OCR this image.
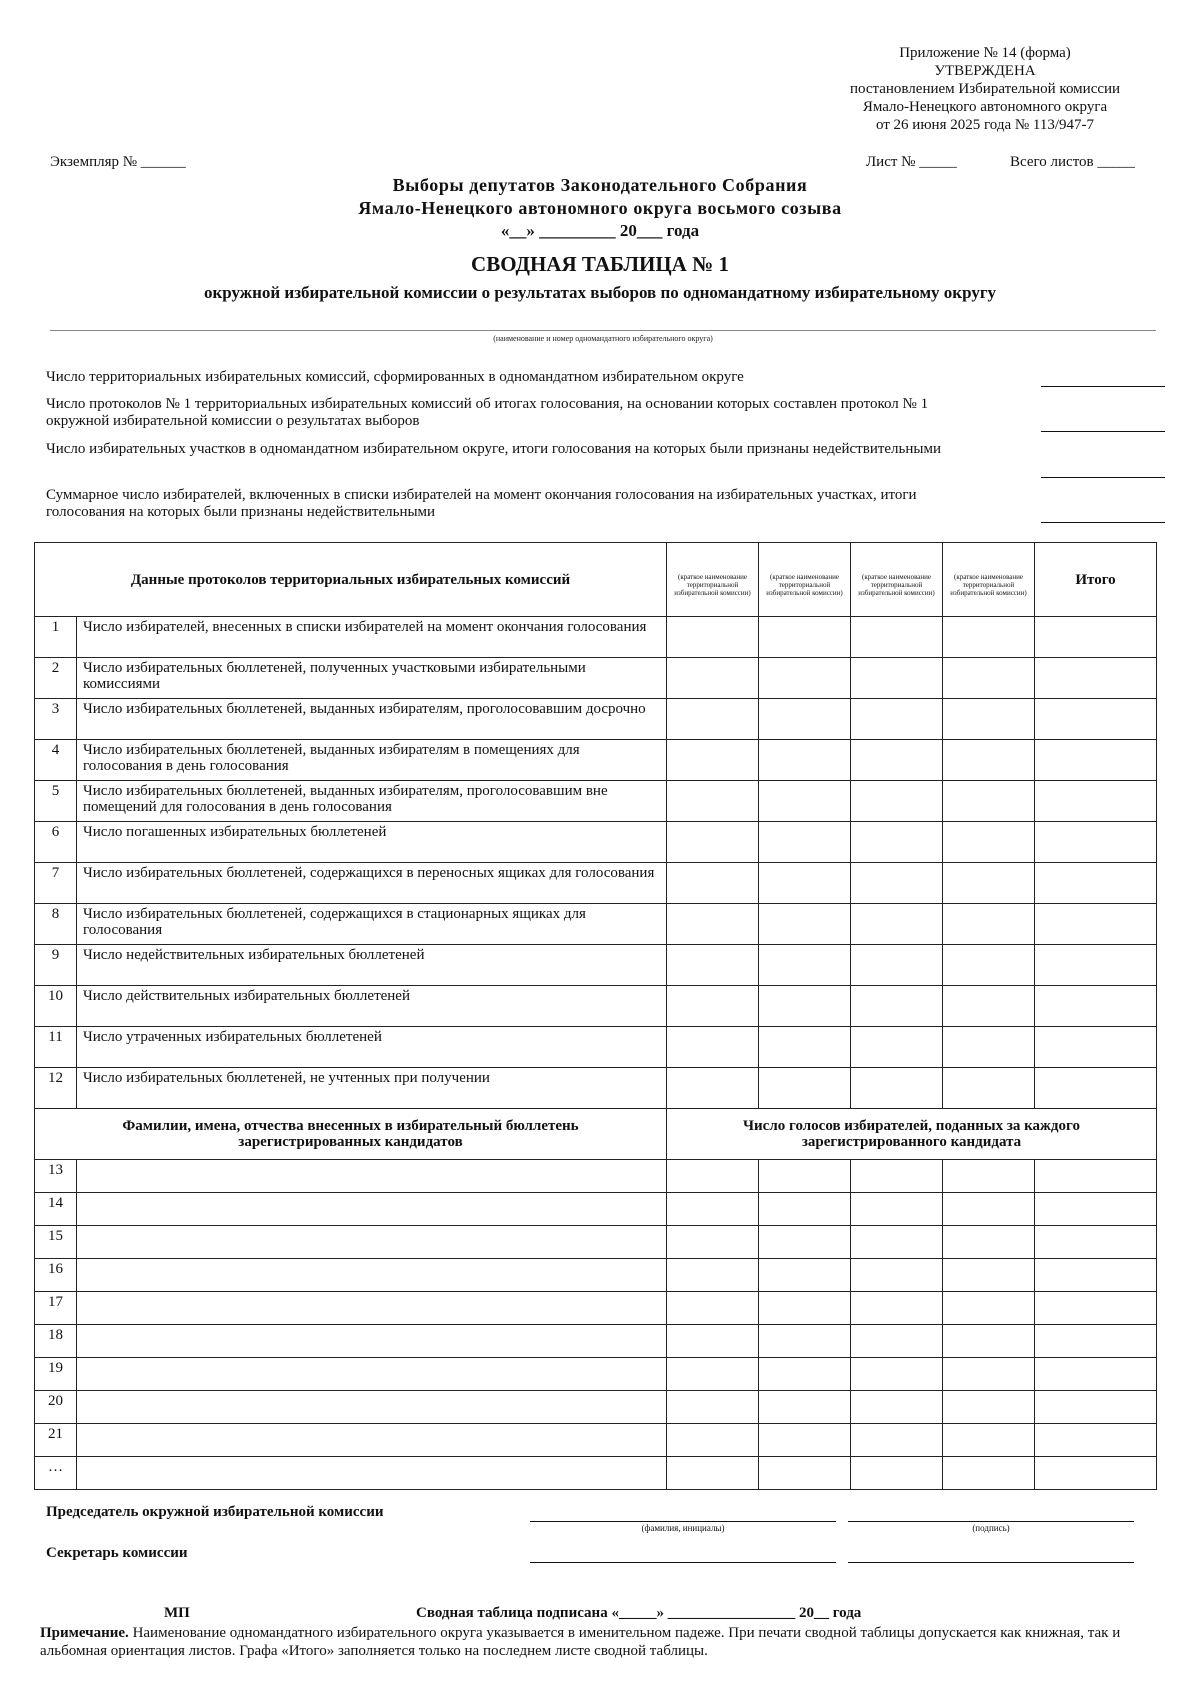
Приложение № 14 (форма)
УТВЕРЖДЕНА
постановлением Избирательной комиссии
Ямало-Ненецкого автономного округа
от 26 июня 2025 года № 113/947-7
Экземпляр № ______	Лист № _____	Всего листов _____
Выборы депутатов Законодательного Собрания
Ямало-Ненецкого автономного округа восьмого созыва
«__» _________ 20___ года
СВОДНАЯ ТАБЛИЦА № 1
окружной избирательной комиссии о результатах выборов по одномандатному избирательному округу
(наименование и номер одномандатного избирательного округа)
Число территориальных избирательных комиссий, сформированных в одномандатном избирательном округе
Число протоколов № 1 территориальных избирательных комиссий об итогах голосования, на основании которых составлен протокол № 1 окружной избирательной комиссии о результатах выборов
Число избирательных участков в одномандатном избирательном округе, итоги голосования на которых были признаны недействительными
Суммарное число избирателей, включенных в списки избирателей на момент окончания голосования на избирательных участках, итоги голосования на которых были признаны недействительными
Данные протоколов территориальных избирательных комиссий		(краткое наименование территориальной избирательной комиссии)	(краткое наименование территориальной избирательной комиссии)	(краткое наименование территориальной избирательной комиссии)	(краткое наименование территориальной избирательной комиссии)	Итого
1	Число избирателей, внесенных в списки избирателей на момент окончания голосования					
2	Число избирательных бюллетеней, полученных участковыми избирательными комиссиями					
3	Число избирательных бюллетеней, выданных избирателям, проголосовавшим досрочно					
4	Число избирательных бюллетеней, выданных избирателям в помещениях для голосования в день голосования					
5	Число избирательных бюллетеней, выданных избирателям, проголосовавшим вне помещений для голосования в день голосования					
6	Число погашенных избирательных бюллетеней					
7	Число избирательных бюллетеней, содержащихся в переносных ящиках для голосования					
8	Число избирательных бюллетеней, содержащихся в стационарных ящиках для голосования					
9	Число недействительных избирательных бюллетеней					
10	Число действительных избирательных бюллетеней					
11	Число утраченных избирательных бюллетеней					
12	Число избирательных бюллетеней, не учтенных при получении					
Фамилии, имена, отчества внесенных в избирательный бюллетень зарегистрированных кандидатов		Число голосов избирателей, поданных за каждого зарегистрированного кандидата				
13						
14						
15						
16						
17						
18						
19						
20						
21						
…						
Председатель окружной избирательной комиссии
(фамилия, инициалы)	(подпись)
Секретарь комиссии
МП	Сводная таблица подписана «_____» _________________ 20__ года
Примечание. Наименование одномандатного избирательного округа указывается в именительном падеже. При печати сводной таблицы допускается как книжная, так и альбомная ориентация листов. Графа «Итого» заполняется только на последнем листе сводной таблицы.
